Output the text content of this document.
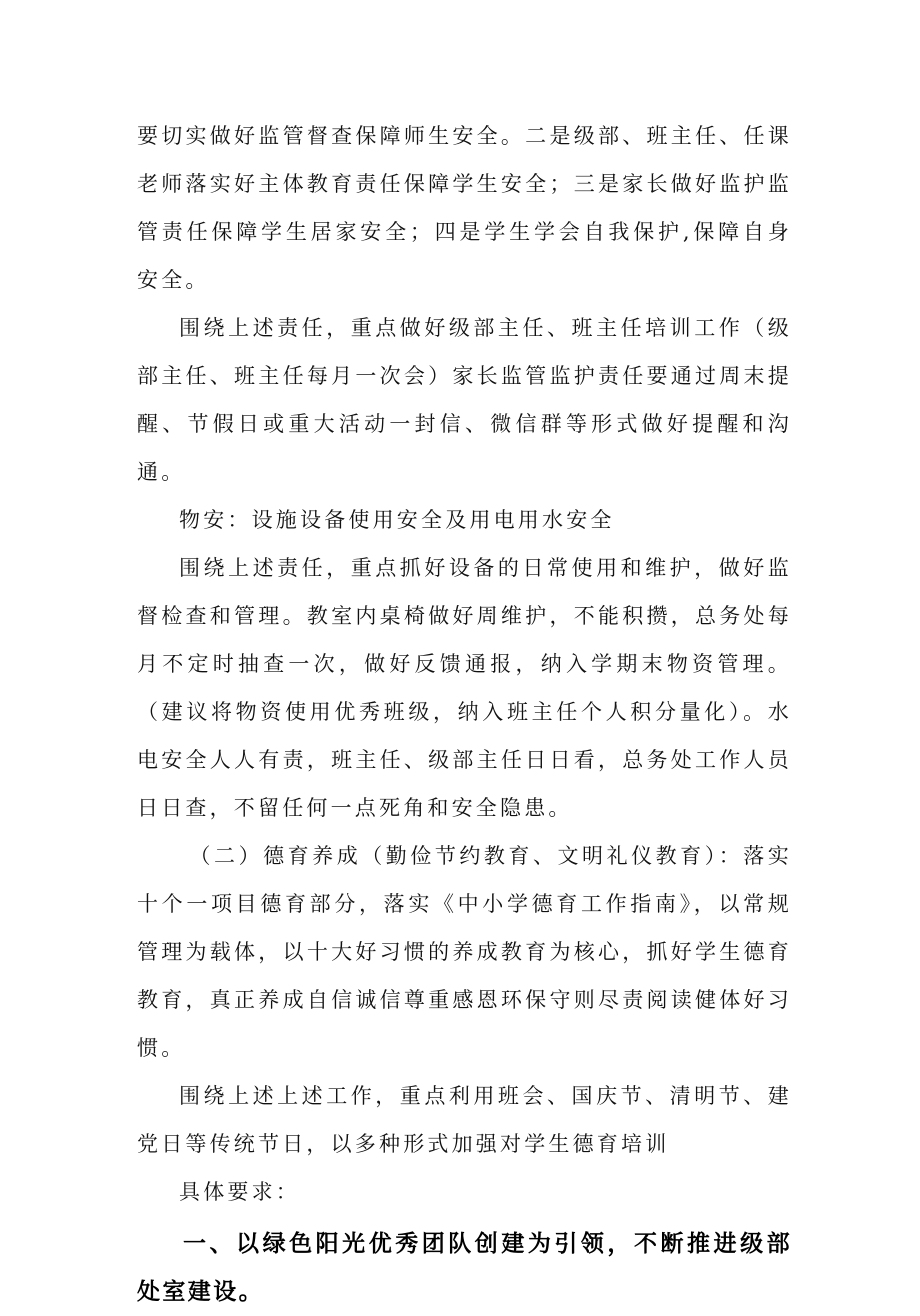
要切实做好监管督查保障师生安全。二是级部、班主任、任课老师落实好主体教育责任保障学生安全；三是家长做好监护监管责任保障学生居家安全；四是学生学会自我保护,保障自身安全。

围绕上述责任，重点做好级部主任、班主任培训工作（级部主任、班主任每月一次会）家长监管监护责任要通过周末提醒、节假日或重大活动一封信、微信群等形式做好提醒和沟通。

物安：设施设备使用安全及用电用水安全

围绕上述责任，重点抓好设备的日常使用和维护，做好监督检查和管理。教室内桌椅做好周维护，不能积攒，总务处每月不定时抽查一次，做好反馈通报，纳入学期末物资管理。（建议将物资使用优秀班级，纳入班主任个人积分量化）。水电安全人人有责，班主任、级部主任日日看，总务处工作人员日日查，不留任何一点死角和安全隐患。

（二）德育养成（勤俭节约教育、文明礼仪教育）：落实十个一项目德育部分，落实《中小学德育工作指南》，以常规管理为载体，以十大好习惯的养成教育为核心，抓好学生德育教育，真正养成自信诚信尊重感恩环保守则尽责阅读健体好习惯。

围绕上述上述工作，重点利用班会、国庆节、清明节、建党日等传统节日，以多种形式加强对学生德育培训

具体要求：

一、以绿色阳光优秀团队创建为引领，不断推进级部处室建设。
